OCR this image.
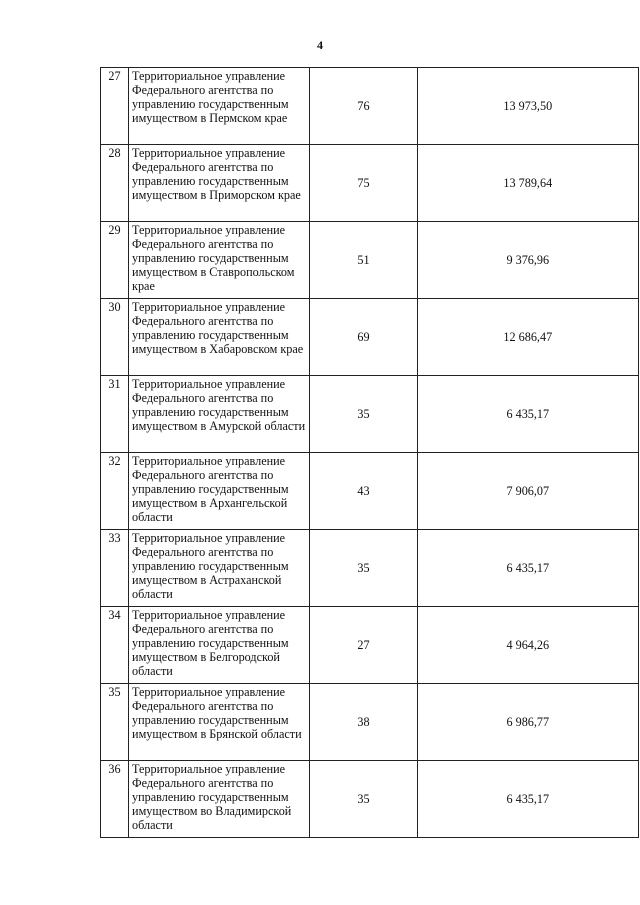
4
27	Территориальное управление Федерального агентства по управлению государственным имуществом в Пермском крае	76	13 973,50
28	Территориальное управление Федерального агентства по управлению государственным имуществом в Приморском крае	75	13 789,64
29	Территориальное управление Федерального агентства по управлению государственным имуществом в Ставропольском крае	51	9 376,96
30	Территориальное управление Федерального агентства по управлению государственным имуществом в Хабаровском крае	69	12 686,47
31	Территориальное управление Федерального агентства по управлению государственным имуществом в Амурской области	35	6 435,17
32	Территориальное управление Федерального агентства по управлению государственным имуществом в Архангельской области	43	7 906,07
33	Территориальное управление Федерального агентства по управлению государственным имуществом в Астраханской области	35	6 435,17
34	Территориальное управление Федерального агентства по управлению государственным имуществом в Белгородской области	27	4 964,26
35	Территориальное управление Федерального агентства по управлению государственным имуществом в Брянской области	38	6 986,77
36	Территориальное управление Федерального агентства по управлению государственным имуществом во Владимирской области	35	6 435,17
